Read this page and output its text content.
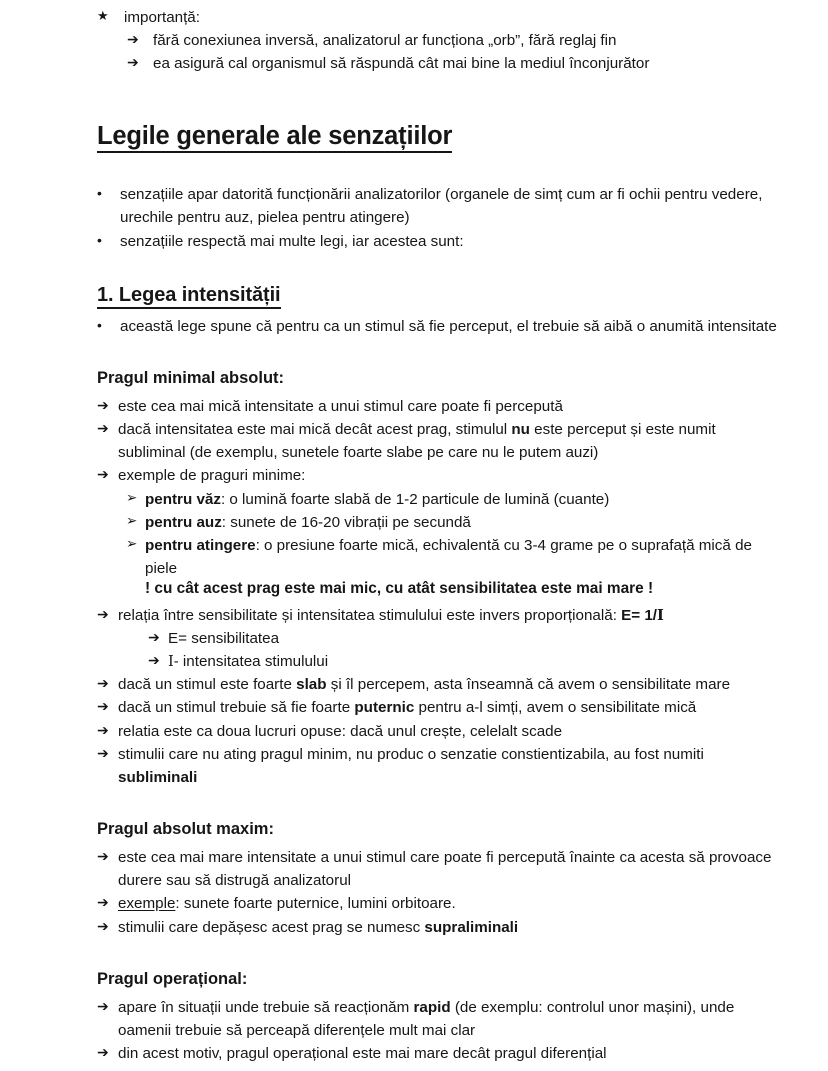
★	importanță:
➔ fără conexiunea inversă, analizatorul ar funcționa „orb”, fără reglaj fin
➔ ea asigură cal organismul să răspundă cât mai bine la mediul înconjurător
Legile generale ale senzațiilor
•	senzațiile apar datorită funcționării analizatorilor (organele de simț cum ar fi ochii pentru vedere, urechile pentru auz, pielea pentru atingere)
•	senzațiile respectă mai multe legi, iar acestea sunt:
1. Legea intensității
•	această lege spune că pentru ca un stimul să fie perceput, el trebuie să aibă o anumită intensitate
Pragul minimal absolut:
➔ este cea mai mică intensitate a unui stimul care poate fi percepută
➔ dacă intensitatea este mai mică decât acest prag, stimulul nu este perceput și este numit subliminal (de exemplu, sunetele foarte slabe pe care nu le putem auzi)
➔ exemple de praguri minime:
➢ pentru văz: o lumină foarte slabă de 1-2 particule de lumină (cuante)
➢ pentru auz: sunete de 16-20 vibrații pe secundă
➢ pentru atingere: o presiune foarte mică, echivalentă cu 3-4 grame pe o suprafață mică de piele
! cu cât acest prag este mai mic, cu atât sensibilitatea este mai mare !
➔ relația între sensibilitate și intensitatea stimulului este invers proporțională: E= 1/I
➔ E= sensibilitatea
➔ I- intensitatea stimulului
➔ dacă un stimul este foarte slab și îl percepem, asta înseamnă că avem o sensibilitate mare
➔ dacă un stimul trebuie să fie foarte puternic pentru a-l simți, avem o sensibilitate mică
➔ relatia este ca doua lucruri opuse: dacă unul crește, celelalt scade
➔ stimulii care nu ating pragul minim, nu produc o senzatie constientizabila, au fost numiti subliminali
Pragul absolut maxim:
➔ este cea mai mare intensitate a unui stimul care poate fi percepută înainte ca acesta să provoace durere sau să distrugă analizatorul
➔ exemple: sunete foarte puternice, lumini orbitoare.
➔ stimulii care depășesc acest prag se numesc supraliminali
Pragul operațional:
➔ apare în situații unde trebuie să reacționăm rapid (de exemplu: controlul unor mașini), unde oamenii trebuie să perceapă diferențele mult mai clar
➔ din acest motiv, pragul operațional este mai mare decât pragul diferențial
